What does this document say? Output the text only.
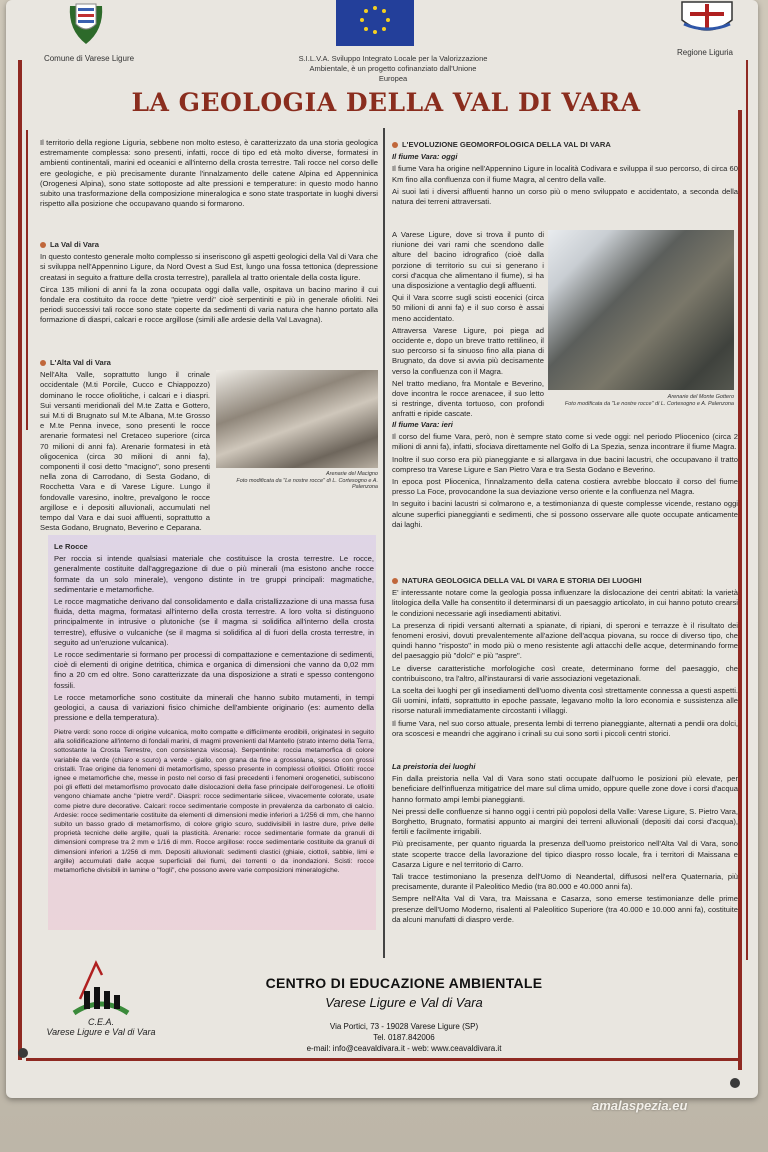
Comune di Varese Ligure	S.I.L.V.A. Sviluppo Integrato Locale per la Valorizzazione Ambientale, è un progetto cofinanziato dall'Unione Europea
Regione Liguria
LA GEOLOGIA DELLA VAL DI VARA

Il territorio della regione Liguria, sebbene non molto esteso, è caratterizzato da una storia geologica estremamente complessa: sono presenti, infatti, rocce di tipo ed età molto diverse, formatesi in ambienti continentali, marini ed oceanici e all'interno della crosta terrestre. Tali rocce nel corso delle ere geologiche, e più precisamente durante l'innalzamento delle catene Alpina ed Appenninica (Orogenesi Alpina), sono state sottoposte ad alte pressioni e temperature: in questo modo hanno subito una trasformazione della composizione mineralogica e sono state trasportate in luoghi diversi rispetto alla posizione che occupavano quando si formarono.

La Val di Vara

In questo contesto generale molto complesso si inseriscono gli aspetti geologici della Val di Vara che si sviluppa nell'Appennino Ligure, da Nord Ovest a Sud Est, lungo una fossa tettonica (depressione creatasi in seguito a fratture della crosta terrestre), parallela al tratto orientale della costa ligure.

Circa 135 milioni di anni fa la zona occupata oggi dalla valle, ospitava un bacino marino il cui fondale era costituito da rocce dette "pietre verdi" cioè serpentiniti e più in generale ofioliti. Nei periodi successivi tali rocce sono state coperte da sedimenti di varia natura che hanno portato alla formazione di diaspri, calcari e rocce argillose (simili alle ardesie della Val Lavagna).

L'Alta Val di Vara

Nell'Alta Valle, soprattutto lungo il crinale occidentale (M.ti Porcile, Cucco e Chiappozzo) dominano le rocce ofiolitiche, i calcari e i diaspri. Sui versanti meridionali del M.te Zatta e Gottero, sui M.ti di Brugnato sul M.te Albana, M.te Grosso e M.te Penna invece, sono presenti le rocce arenarie formatesi nel Cretaceo superiore (circa 70 milioni di anni fa). Arenarie formatesi in età oligocenica (circa 30 milioni di anni fa), componenti il cosi detto "macigno", sono presenti nella zona di Carrodano, di Sesta Godano, di Rocchetta Vara e di Varese Ligure. Lungo il fondovalle varesino, inoltre, prevalgono le rocce argillose e i depositi alluvionali, accumulati nel tempo dal Vara e dai suoi affluenti, soprattutto a Sesta Godano, Brugnato, Beverino e Ceparana.

Arenarie del Macigno
Foto modificata da "Le nostre rocce" di L. Cortesogno e A. Palenzona

Le Rocce

Per roccia si intende qualsiasi materiale che costituisce la crosta terrestre. Le rocce, generalmente costituite dall'aggregazione di due o più minerali (ma esistono anche rocce formate da un solo minerale), vengono distinte in tre gruppi principali: magmatiche, sedimentarie e metamorfiche.

Le rocce magmatiche derivano dal consolidamento e dalla cristallizzazione di una massa fusa fluida, detta magma, formatasi all'interno della crosta terrestre. A loro volta si distinguono principalmente in intrusive o plutoniche (se il magma si solidifica all'interno della crosta terrestre), effusive o vulcaniche (se il magma si solidifica al di fuori della crosta terrestre, in seguito ad un'eruzione vulcanica).

Le rocce sedimentarie si formano per processi di compattazione e cementazione di sedimenti, cioè di elementi di origine detritica, chimica e organica di dimensioni che vanno da 0,02 mm fino a 20 cm ed oltre. Sono caratterizzate da una disposizione a strati e spesso contengono fossili.

Le rocce metamorfiche sono costituite da minerali che hanno subito mutamenti, in tempi geologici, a causa di variazioni fisico chimiche dell'ambiente originario (es: aumento della pressione e della temperatura).

Pietre verdi: sono rocce di origine vulcanica, molto compatte e difficilmente erodibili, originatesi in seguito alla solidificazione all'interno di fondali marini, di magmi provenienti dal Mantello (strato interno della Terra, sottostante la Crosta Terrestre, con consistenza viscosa). Serpentinite: roccia metamorfica di colore variabile da verde (chiaro e scuro) a verde - giallo, con grana da fine a grossolana, spesso con grossi cristalli. Trae origine da fenomeni di metamorfismo, spesso presente in complessi ofiolitici. Ofioliti: rocce ignee e metamorfiche che, messe in posto nel corso di fasi precedenti i fenomeni orogenetici, subiscono poi gli effetti del metamorfismo provocato dalle dislocazioni della fase principale dell'orogenesi. Le ofioliti vengono chiamate anche "pietre verdi". Diaspri: rocce sedimentarie silicee, vivacemente colorate, usate come pietre dure decorative. Calcari: rocce sedimentarie composte in prevalenza da carbonato di calcio. Ardesie: rocce sedimentarie costituite da elementi di dimensioni medie inferiori a 1/256 di mm, che hanno subito un basso grado di metamorfismo, di colore grigio scuro, suddivisibili in lastre dure, prive delle proprietà tecniche delle argille, quali la plasticità. Arenarie: rocce sedimentarie formate da granuli di dimensioni comprese tra 2 mm e 1/16 di mm. Rocce argillose: rocce sedimentarie costituite da granuli di dimensioni inferiori a 1/256 di mm. Depositi alluvionali: sedimenti clastici (ghiaie, ciottoli, sabbie, limi e argille) accumulati dalle acque superficiali dei fiumi, dei torrenti o da inondazioni. Scisti: rocce metamorfiche divisibili in lamine o "fogli", che possono avere varie composizioni mineralogiche.

L'EVOLUZIONE GEOMORFOLOGICA DELLA VAL DI VARA

Il fiume Vara: oggi

Il fiume Vara ha origine nell'Appennino Ligure in località Codivara e sviluppa il suo percorso, di circa 60 Km fino alla confluenza con il fiume Magra, al centro della valle.

Ai suoi lati i diversi affluenti hanno un corso più o meno sviluppato e accidentato, a seconda della natura dei terreni attraversati.

A Varese Ligure, dove si trova il punto di riunione dei vari rami che scendono dalle alture del bacino idrografico (cioè dalla porzione di territorio su cui si generano i corsi d'acqua che alimentano il fiume), si ha una disposizione a ventaglio degli affluenti.

Qui il Vara scorre sugli scisti eocenici (circa 50 milioni di anni fa) e il suo corso è assai meno accidentato.

Attraversa Varese Ligure, poi piega ad occidente e, dopo un breve tratto rettilineo, il suo percorso si fa sinuoso fino alla piana di Brugnato, da dove si avvia più decisamente verso la confluenza con il Magra.

Nel tratto mediano, fra Montale e Beverino, dove incontra le rocce arenacee, il suo letto si restringe, diventa tortuoso, con profondi anfratti e ripide cascate.

Arenarie del Monte Gottero
Foto modificata da "Le nostre rocce" di L. Cortesogno e A. Palenzona

Il fiume Vara: ieri

Il corso del fiume Vara, però, non è sempre stato come si vede oggi: nel periodo Pliocenico (circa 2 milioni di anni fa), infatti, sfociava direttamente nel Golfo di La Spezia, senza incontrare il fiume Magra.

Inoltre il suo corso era più pianeggiante e si allargava in due bacini lacustri, che occupavano il tratto compreso tra Varese Ligure e San Pietro Vara e tra Sesta Godano e Beverino.

In epoca post Pliocenica, l'innalzamento della catena costiera avrebbe bloccato il corso del fiume presso La Foce, provocandone la sua deviazione verso oriente e la confluenza nel Magra.

In seguito i bacini lacustri si colmarono e, a testimonianza di queste complesse vicende, restano oggi alcune superfici pianeggianti e sedimenti, che si possono osservare alle quote occupate anticamente dai laghi.

NATURA GEOLOGICA DELLA VAL DI VARA E STORIA DEI LUOGHI

E' interessante notare come la geologia possa influenzare la dislocazione dei centri abitati: la varietà litologica della Valle ha consentito il determinarsi di un paesaggio articolato, in cui hanno potuto crearsi le condizioni necessarie agli insediamenti abitativi.

La presenza di ripidi versanti alternati a spianate, di ripiani, di speroni e terrazze è il risultato dei fenomeni erosivi, dovuti prevalentemente all'azione dell'acqua piovana, su rocce di diverso tipo, che quindi hanno "risposto" in modo più o meno resistente agli attacchi delle acque, determinando forme del paesaggio più "dolci" e più "aspre".

Le diverse caratteristiche morfologiche così create, determinano forme del paesaggio, che contribuiscono, tra l'altro, all'instaurarsi di varie associazioni vegetazionali.

La scelta dei luoghi per gli insediamenti dell'uomo diventa così strettamente connessa a questi aspetti. Gli uomini, infatti, soprattutto in epoche passate, legavano molto la loro economia e sussistenza alle risorse naturali immediatamente circostanti i villaggi.

Il fiume Vara, nel suo corso attuale, presenta lembi di terreno pianeggiante, alternati a pendii ora dolci, ora scoscesi e meandri che aggirano i crinali su cui sono sorti i piccoli centri storici.

La preistoria dei luoghi

Fin dalla preistoria nella Val di Vara sono stati occupate dall'uomo le posizioni più elevate, per beneficiare dell'influenza mitigatrice del mare sul clima umido, oppure quelle zone dove i corsi d'acqua hanno formato ampi lembi pianeggianti.

Nei pressi delle confluenze si hanno oggi i centri più popolosi della Valle: Varese Ligure, S. Pietro Vara, Borghetto, Brugnato, formatisi appunto ai margini dei terreni alluvionali (depositi dai corsi d'acqua), fertili e facilmente irrigabili.

Più precisamente, per quanto riguarda la presenza dell'uomo preistorico nell'Alta Val di Vara, sono state scoperte tracce della lavorazione del tipico diaspro rosso locale, fra i territori di Maissana e Casarza Ligure e nel territorio di Carro.

Tali tracce testimoniano la presenza dell'Uomo di Neandertal, diffusosi nell'era Quaternaria, più precisamente, durante il Paleolitico Medio (tra 80.000 e 40.000 anni fa).

Sempre nell'Alta Val di Vara, tra Maissana e Casarza, sono emerse testimonianze delle prime presenze dell'Uomo Moderno, risalenti al Paleolitico Superiore (tra 40.000 e 10.000 anni fa), costituite da alcuni manufatti di diaspro verde.

C.E.A.
Varese Ligure e Val di Vara
CENTRO DI EDUCAZIONE AMBIENTALE
Varese Ligure e Val di Vara
Via Portici, 73 - 19028 Varese Ligure (SP)
Tel. 0187.842006
e-mail: info@ceavaldivara.it - web: www.ceavaldivara.it
amalaspezia.eu
